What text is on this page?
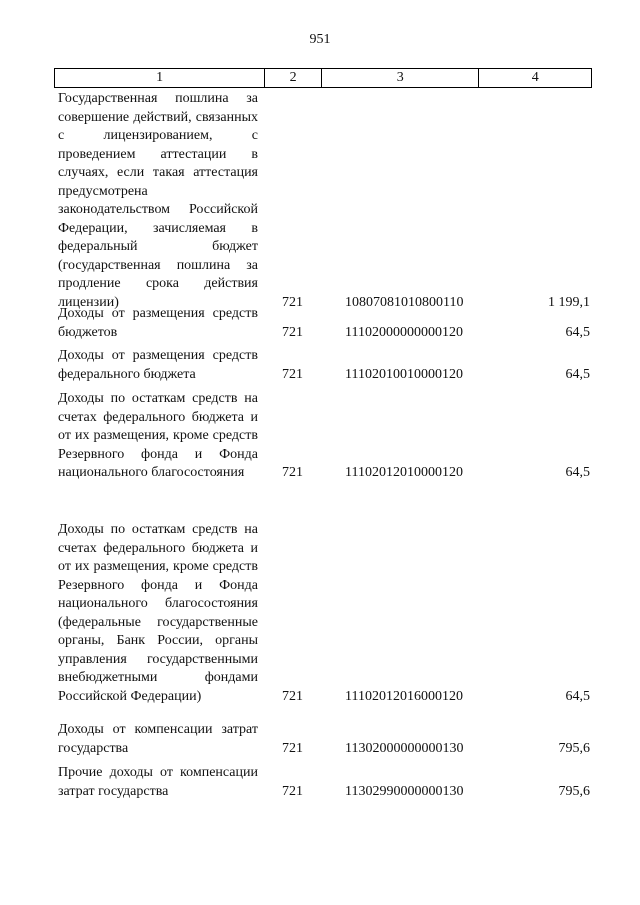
951
1	2	3	4
Государственная пошлина за совершение действий, связанных с лицензированием, с проведением аттестации в случаях, если такая аттестация предусмотрена законодательством Российской Федерации, зачисляемая в федеральный бюджет (государственная пошлина за продление срока действия лицензии)	721	10807081010800110	1 199,1
Доходы от размещения средств бюджетов	721	11102000000000120	64,5
Доходы от размещения средств федерального бюджета	721	11102010010000120	64,5
Доходы по остаткам средств на счетах федерального бюджета и от их размещения, кроме средств Резервного фонда и Фонда национального благосостояния	721	11102012010000120	64,5
Доходы по остаткам средств на счетах федерального бюджета и от их размещения, кроме средств Резервного фонда и Фонда национального благосостояния (федеральные государственные органы, Банк России, органы управления государственными внебюджетными фондами Российской Федерации)	721	11102012016000120	64,5
Доходы от компенсации затрат государства	721	11302000000000130	795,6
Прочие доходы от компенсации затрат государства	721	11302990000000130	795,6
